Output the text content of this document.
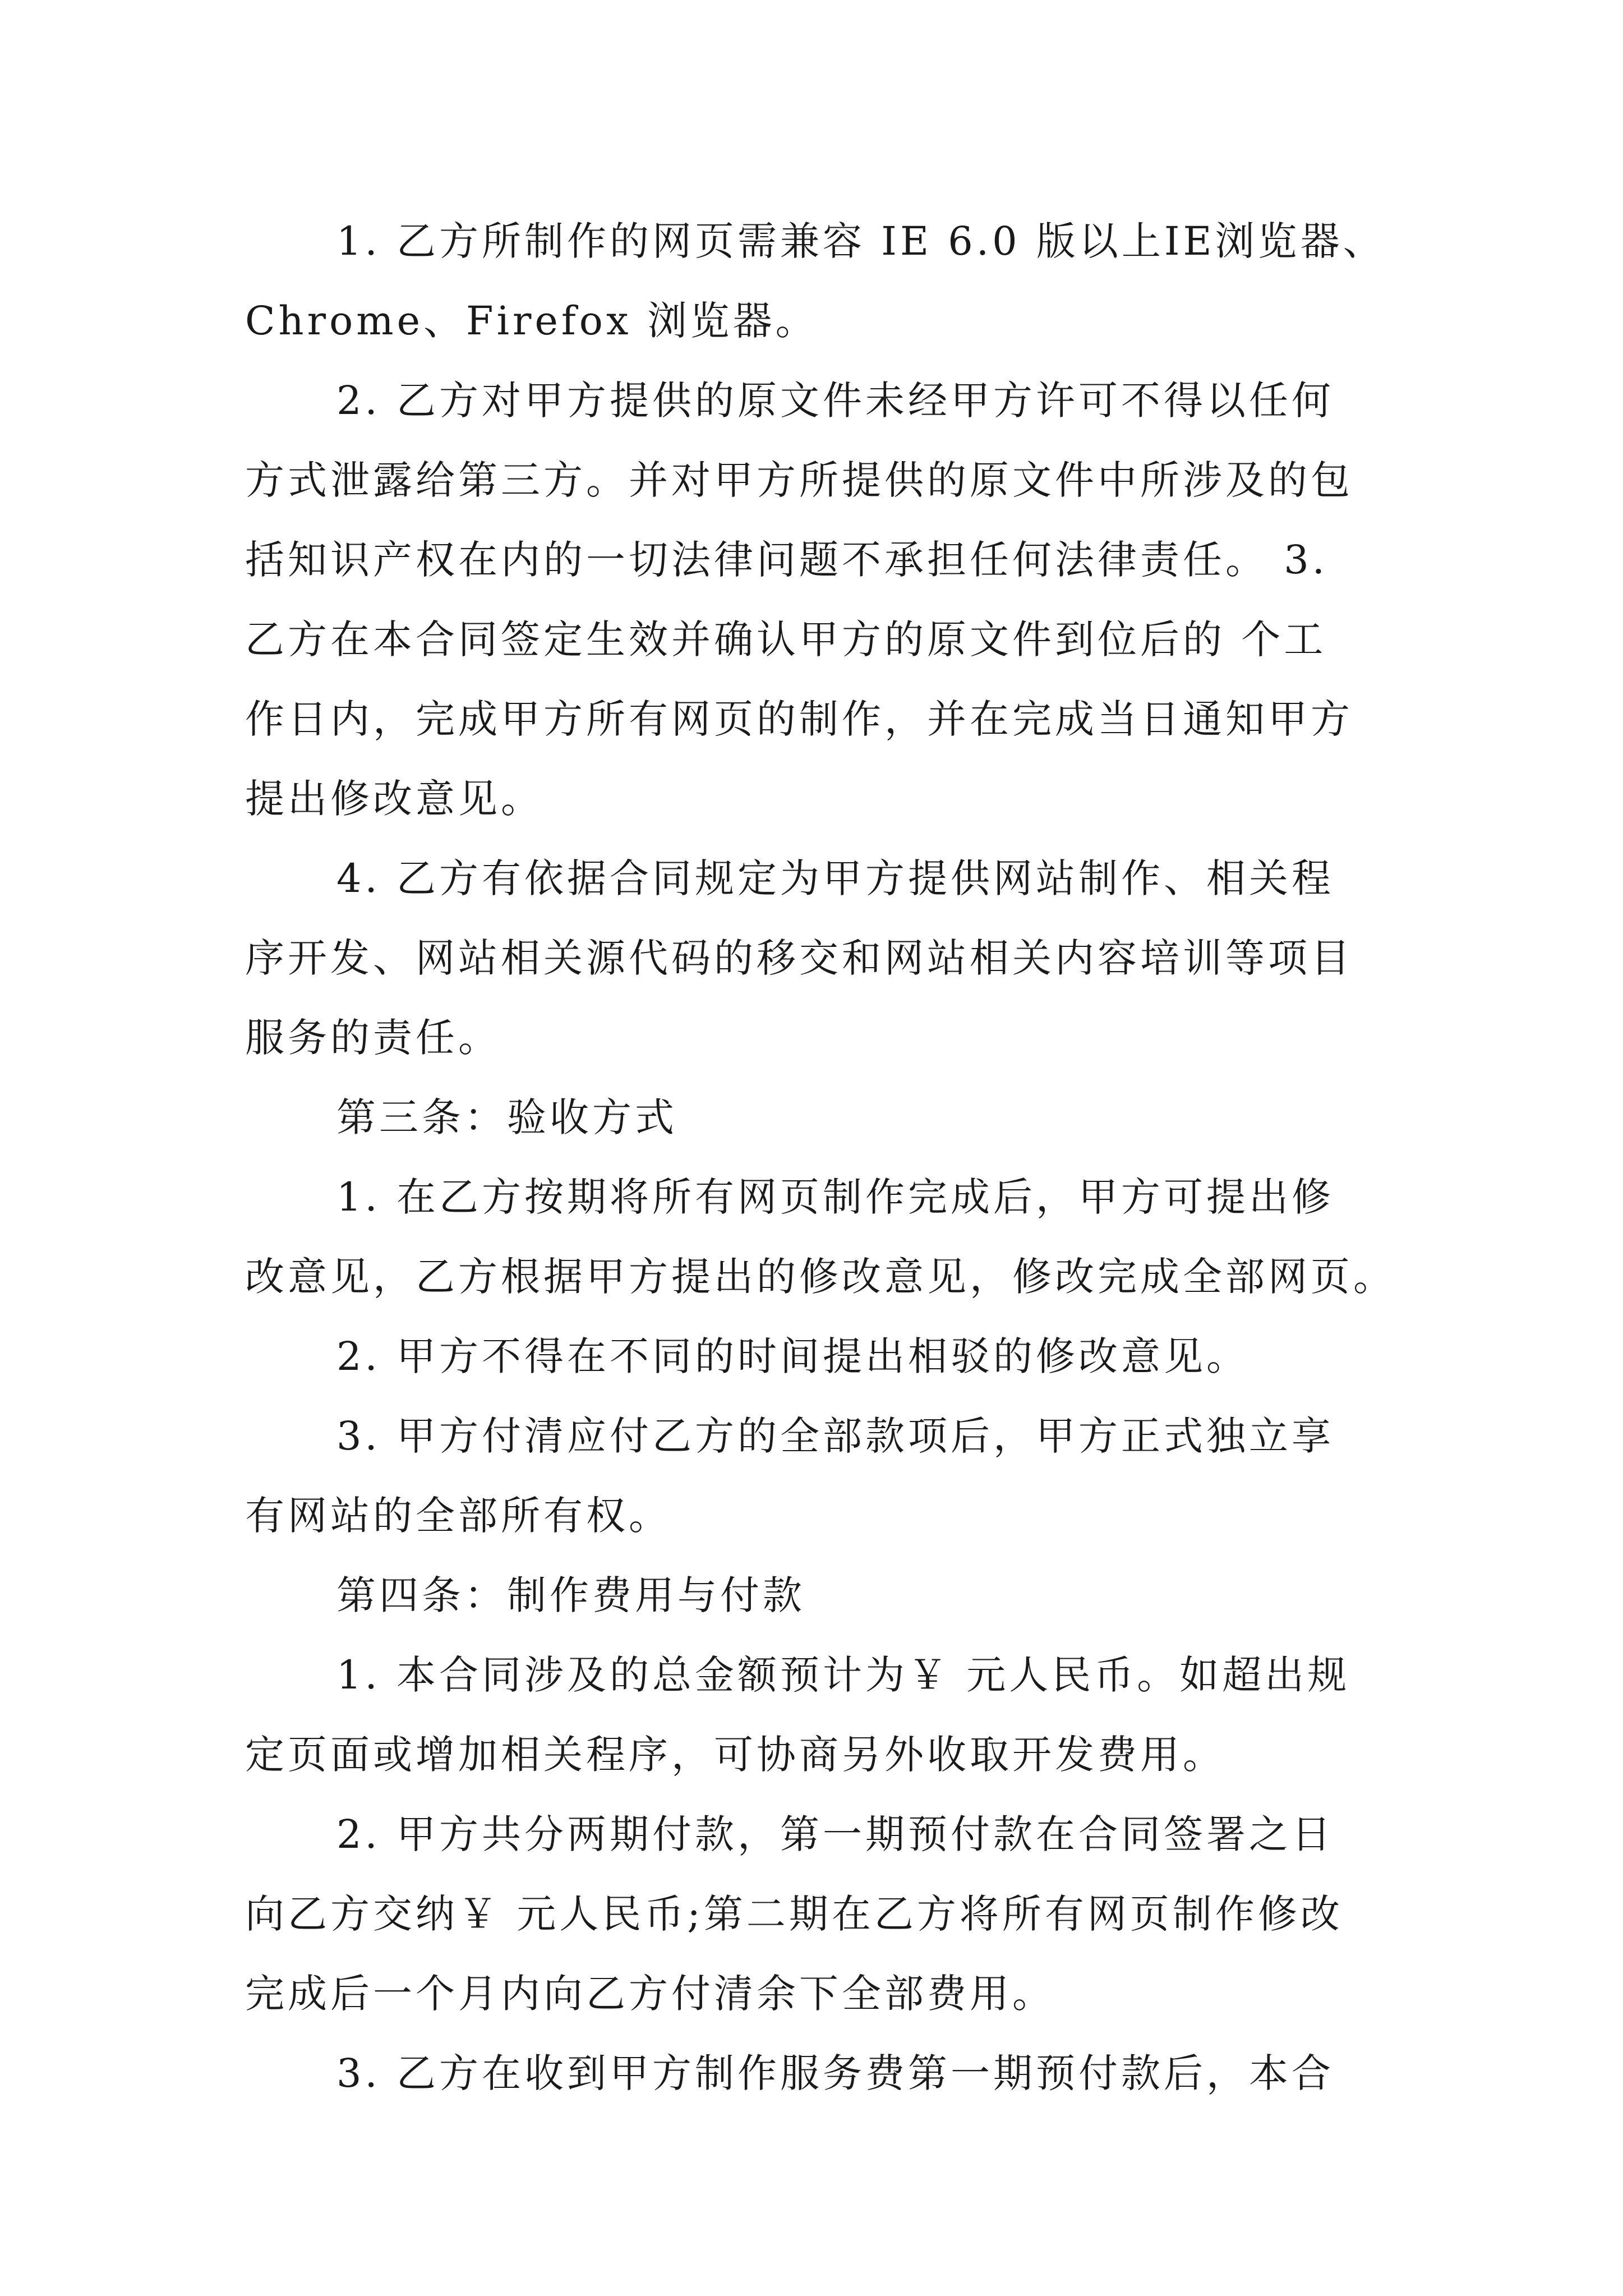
1. 乙方所制作的网页需兼容 IE 6.0 版以上IE浏览器、
Chrome、Firefox 浏览器。
2. 乙方对甲方提供的原文件未经甲方许可不得以任何
方式泄露给第三方。并对甲方所提供的原文件中所涉及的包
括知识产权在内的一切法律问题不承担任何法律责任。 3.
乙方在本合同签定生效并确认甲方的原文件到位后的 个工
作日内，完成甲方所有网页的制作，并在完成当日通知甲方
提出修改意见。
4. 乙方有依据合同规定为甲方提供网站制作、相关程
序开发、网站相关源代码的移交和网站相关内容培训等项目
服务的责任。
第三条：验收方式
1. 在乙方按期将所有网页制作完成后，甲方可提出修
改意见，乙方根据甲方提出的修改意见，修改完成全部网页。
2. 甲方不得在不同的时间提出相驳的修改意见。
3. 甲方付清应付乙方的全部款项后，甲方正式独立享
有网站的全部所有权。
第四条：制作费用与付款
1. 本合同涉及的总金额预计为￥ 元人民币。如超出规
定页面或增加相关程序，可协商另外收取开发费用。
2. 甲方共分两期付款，第一期预付款在合同签署之日
向乙方交纳￥ 元人民币;第二期在乙方将所有网页制作修改
完成后一个月内向乙方付清余下全部费用。
3. 乙方在收到甲方制作服务费第一期预付款后，本合
